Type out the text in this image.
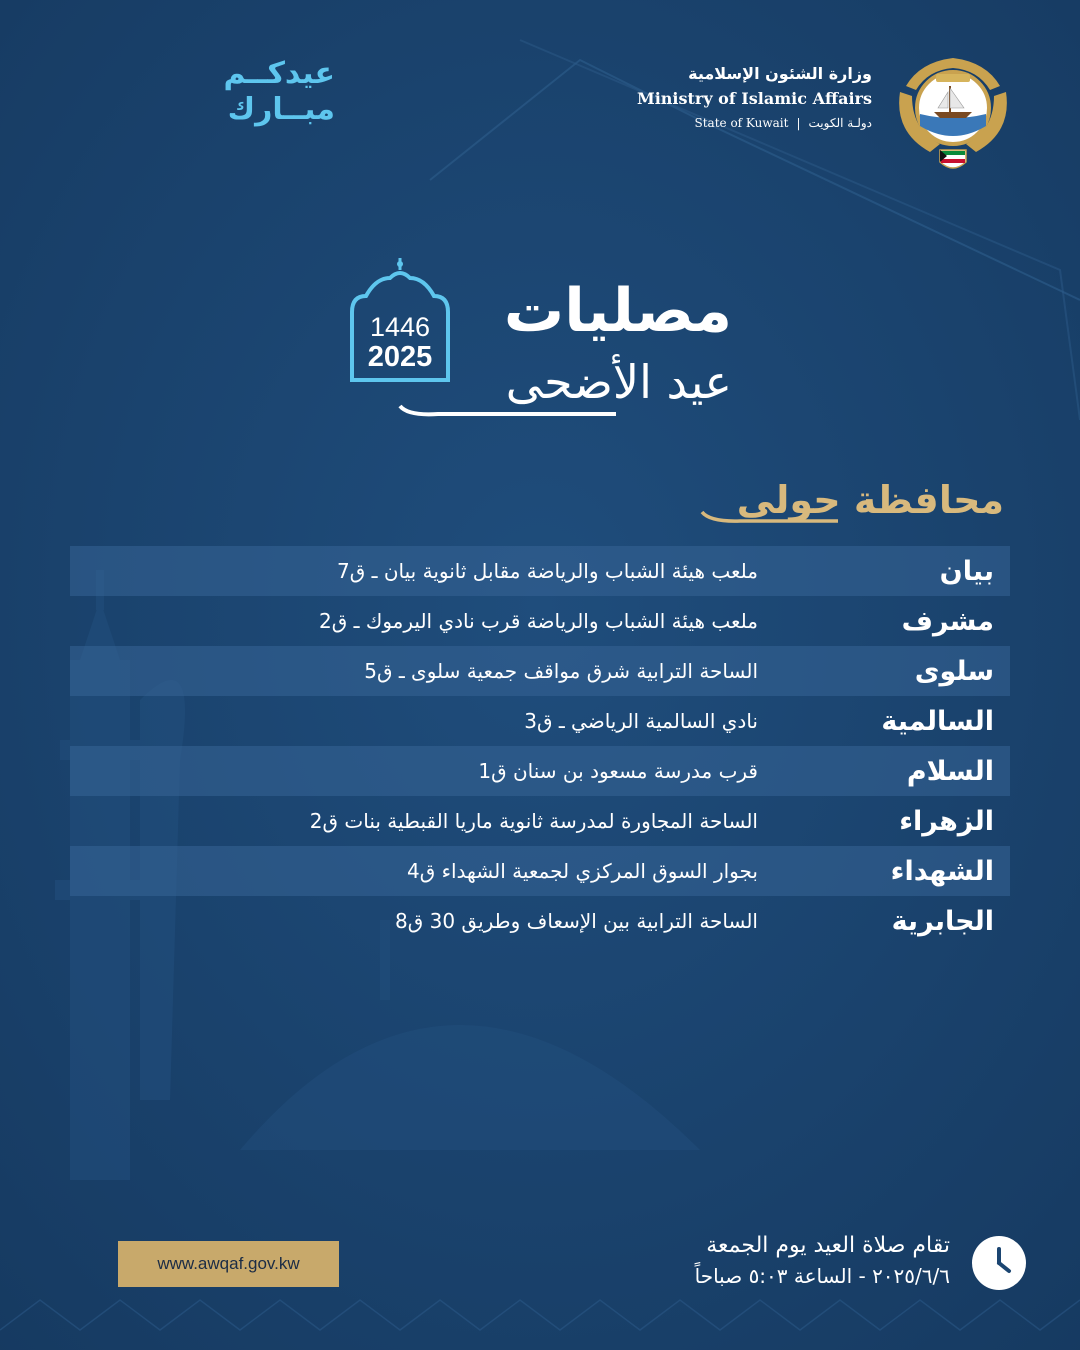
عيدكــم
مبــارك
وزارة الشئون الإسلامية
Ministry of Islamic Affairs
State of Kuwait | دولـة الكويت
1446
2025
مصليات
عيد الأضحى
محافظة حولي
بيان
ملعب هيئة الشباب والرياضة مقابل ثانوية بيان ـ ق7
مشرف
ملعب هيئة الشباب والرياضة قرب نادي اليرموك ـ ق2
سلوى
الساحة الترابية شرق مواقف جمعية سلوى ـ ق5
السالمية
نادي السالمية الرياضي ـ ق3
السلام
قرب مدرسة مسعود بن سنان ق1
الزهراء
الساحة المجاورة لمدرسة ثانوية ماريا القبطية بنات ق2
الشهداء
بجوار السوق المركزي لجمعية الشهداء ق4
الجابرية
الساحة الترابية بين الإسعاف وطريق 30 ق8
www.awqaf.gov.kw
تقام صلاة العيد يوم الجمعة
٢٠٢٥/٦/٦ - الساعة ٥:٠٣ صباحاً
